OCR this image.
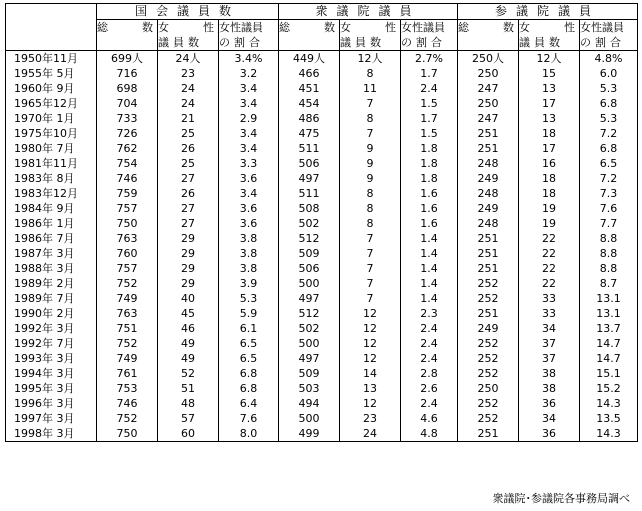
	国会議員数			衆議院議員			参議院議員		
	総　　数	女　　性	女性議員	総　　数	女　　性	女性議員	総　　数	女　　性	女性議員
		議員数	の割合		議員数	の割合		議員数	の割合
1950年11月	699人	24人	3.4%	449人	12人	2.7%	250人	12人	4.8%
1955年 5月	716	23	3.2	466	8	1.7	250	15	6.0
1960年 9月	698	24	3.4	451	11	2.4	247	13	5.3
1965年12月	704	24	3.4	454	7	1.5	250	17	6.8
1970年 1月	733	21	2.9	486	8	1.7	247	13	5.3
1975年10月	726	25	3.4	475	7	1.5	251	18	7.2
1980年 7月	762	26	3.4	511	9	1.8	251	17	6.8
1981年11月	754	25	3.3	506	9	1.8	248	16	6.5
1983年 8月	746	27	3.6	497	9	1.8	249	18	7.2
1983年12月	759	26	3.4	511	8	1.6	248	18	7.3
1984年 9月	757	27	3.6	508	8	1.6	249	19	7.6
1986年 1月	750	27	3.6	502	8	1.6	248	19	7.7
1986年 7月	763	29	3.8	512	7	1.4	251	22	8.8
1987年 3月	760	29	3.8	509	7	1.4	251	22	8.8
1988年 3月	757	29	3.8	506	7	1.4	251	22	8.8
1989年 2月	752	29	3.9	500	7	1.4	252	22	8.7
1989年 7月	749	40	5.3	497	7	1.4	252	33	13.1
1990年 2月	763	45	5.9	512	12	2.3	251	33	13.1
1992年 3月	751	46	6.1	502	12	2.4	249	34	13.7
1992年 7月	752	49	6.5	500	12	2.4	252	37	14.7
1993年 3月	749	49	6.5	497	12	2.4	252	37	14.7
1994年 3月	761	52	6.8	509	14	2.8	252	38	15.1
1995年 3月	753	51	6.8	503	13	2.6	250	38	15.2
1996年 3月	746	48	6.4	494	12	2.4	252	36	14.3
1997年 3月	752	57	7.6	500	23	4.6	252	34	13.5
1998年 3月	750	60	8.0	499	24	4.8	251	36	14.3
衆議院･参議院各事務局調べ
